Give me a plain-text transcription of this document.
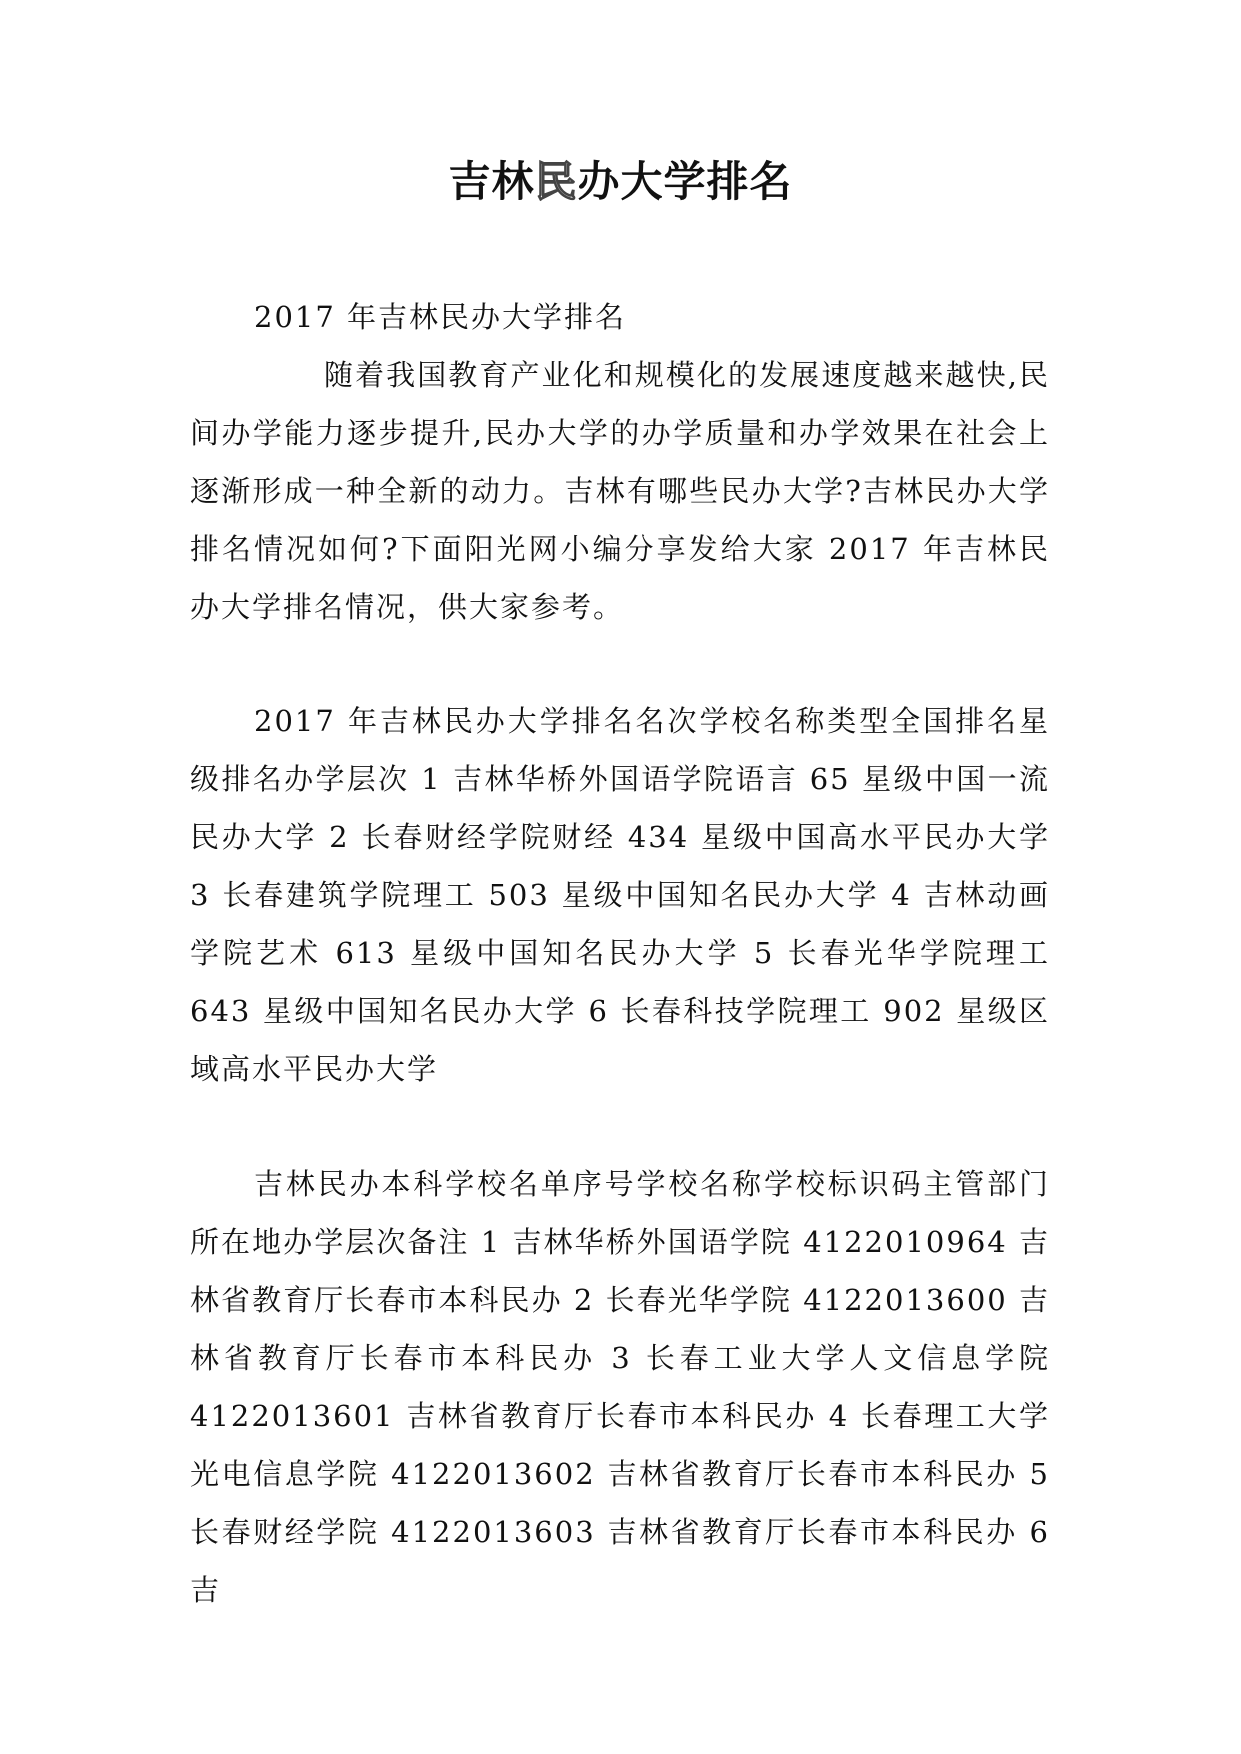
吉林民办大学排名
2017 年吉林民办大学排名
随着我国教育产业化和规模化的发展速度越来越快,民间办学能力逐步提升,民办大学的办学质量和办学效果在社会上逐渐形成一种全新的动力。吉林有哪些民办大学?吉林民办大学排名情况如何?下面阳光网小编分享发给大家 2017 年吉林民办大学排名情况，供大家参考。
2017 年吉林民办大学排名名次学校名称类型全国排名星级排名办学层次 1 吉林华桥外国语学院语言 65 星级中国一流民办大学 2 长春财经学院财经 434 星级中国高水平民办大学 3 长春建筑学院理工 503 星级中国知名民办大学 4 吉林动画学院艺术 613 星级中国知名民办大学 5 长春光华学院理工 643 星级中国知名民办大学 6 长春科技学院理工 902 星级区域高水平民办大学
吉林民办本科学校名单序号学校名称学校标识码主管部门所在地办学层次备注 1 吉林华桥外国语学院 4122010964 吉林省教育厅长春市本科民办 2 长春光华学院 4122013600 吉林省教育厅长春市本科民办 3 长春工业大学人文信息学院 4122013601 吉林省教育厅长春市本科民办 4 长春理工大学光电信息学院 4122013602 吉林省教育厅长春市本科民办 5 长春财经学院 4122013603 吉林省教育厅长春市本科民办 6 吉
